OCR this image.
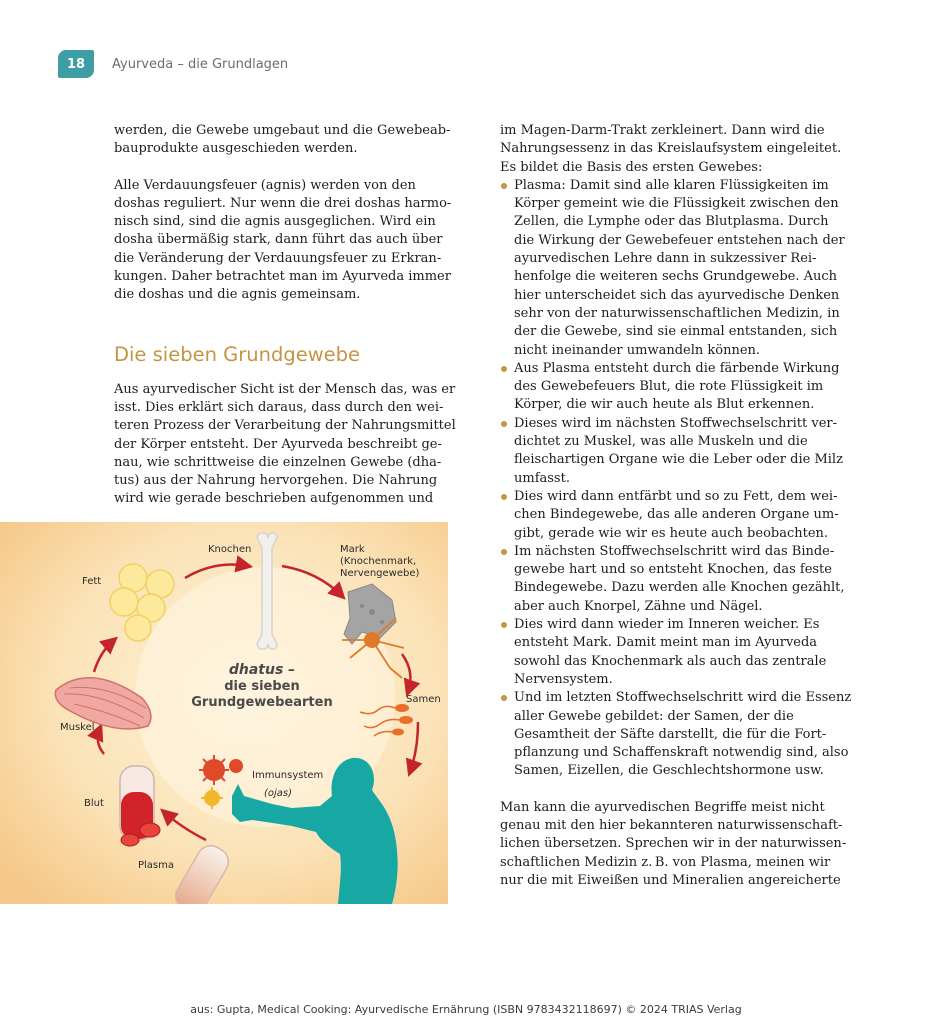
18	Ayurveda – die Grundlagen

werden, die Gewebe umgebaut und die Gewebeabbauprodukte ausgeschieden werden.

Alle Verdauungsfeuer (agnis) werden von den doshas reguliert. Nur wenn die drei doshas harmonisch sind, sind die agnis ausgeglichen. Wird ein dosha übermäßig stark, dann führt das auch über die Veränderung der Verdauungsfeuer zu Erkrankungen. Daher betrachtet man im Ayurveda immer die doshas und die agnis gemeinsam.

Die sieben Grundgewebe

Aus ayurvedischer Sicht ist der Mensch das, was er isst. Dies erklärt sich daraus, dass durch den weiteren Prozess der Verarbeitung der Nahrungsmittel der Körper entsteht. Der Ayurveda beschreibt genau, wie schrittweise die einzelnen Gewebe (dhatus) aus der Nahrung hervorgehen. Die Nahrung wird wie gerade beschrieben aufgenommen und

Knochen	Mark
(Knochenmark,
Nervengewebe)
Fett
Muskel
Samen
Blut
Plasma
Immunsystem
(ojas)
dhatus –
die sieben
Grundgewebearten

im Magen-Darm-Trakt zerkleinert. Dann wird die Nahrungsessenz in das Kreislaufsystem eingeleitet. Es bildet die Basis des ersten Gewebes:

Plasma: Damit sind alle klaren Flüssigkeiten im Körper gemeint wie die Flüssigkeit zwischen den Zellen, die Lymphe oder das Blutplasma. Durch die Wirkung der Gewebefeuer entstehen nach der ayurvedischen Lehre dann in sukzessiver Reihenfolge die weiteren sechs Grundgewebe. Auch hier unterscheidet sich das ayurvedische Denken sehr von der naturwissenschaftlichen Medizin, in der die Gewebe, sind sie einmal entstanden, sich nicht ineinander umwandeln können.
Aus Plasma entsteht durch die färbende Wirkung des Gewebefeuers Blut, die rote Flüssigkeit im Körper, die wir auch heute als Blut erkennen.
Dieses wird im nächsten Stoffwechselschritt verdichtet zu Muskel, was alle Muskeln und die fleischartigen Organe wie die Leber oder die Milz umfasst.
Dies wird dann entfärbt und so zu Fett, dem weichen Bindegewebe, das alle anderen Organe umgibt, gerade wie wir es heute auch beobachten.
Im nächsten Stoffwechselschritt wird das Bindegewebe hart und so entsteht Knochen, das feste Bindegewebe. Dazu werden alle Knochen gezählt, aber auch Knorpel, Zähne und Nägel.
Dies wird dann wieder im Inneren weicher. Es entsteht Mark. Damit meint man im Ayurveda sowohl das Knochenmark als auch das zentrale Nervensystem.
Und im letzten Stoffwechselschritt wird die Essenz aller Gewebe gebildet: der Samen, der die Gesamtheit der Säfte darstellt, die für die Fortpflanzung und Schaffenskraft notwendig sind, also Samen, Eizellen, die Geschlechtshormone usw.

Man kann die ayurvedischen Begriffe meist nicht genau mit den hier bekannteren naturwissenschaftlichen übersetzen. Sprechen wir in der naturwissenschaftlichen Medizin z. B. von Plasma, meinen wir nur die mit Eiweißen und Mineralien angereicherte

aus: Gupta, Medical Cooking: Ayurvedische Ernährung (ISBN 9783432118697) © 2024 TRIAS Verlag
